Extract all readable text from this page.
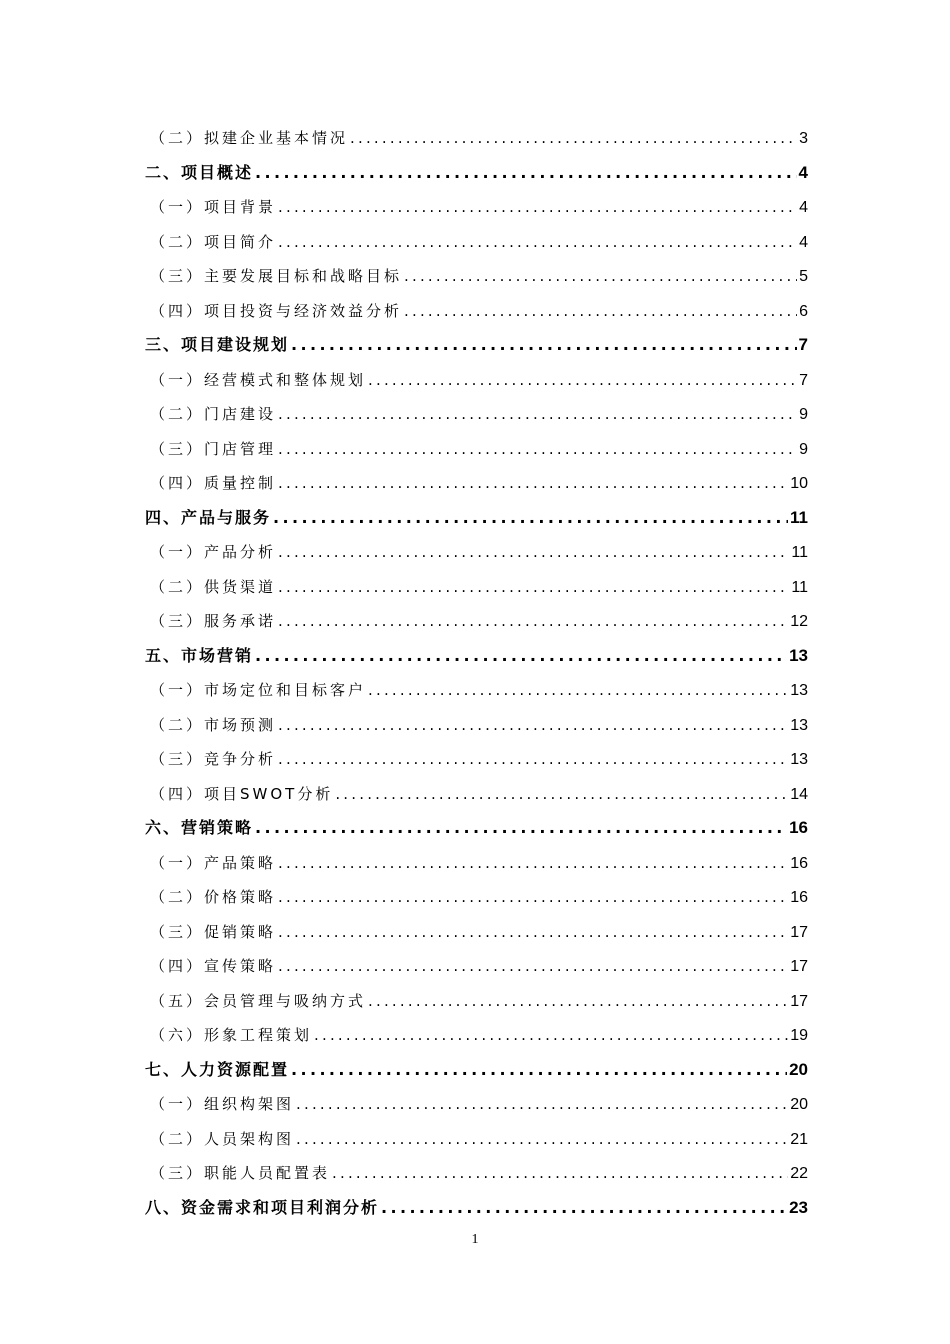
（二）拟建企业基本情况 .....	3
二、项目概述 .....	4
（一）项目背景 .....	4
（二）项目简介 .....	4
（三）主要发展目标和战略目标 .....	5
（四）项目投资与经济效益分析 .....	6
三、项目建设规划 .....	7
（一）经营模式和整体规划 .....	7
（二）门店建设 .....	9
（三）门店管理 .....	9
（四）质量控制 .....	10
四、产品与服务 .....	11
（一）产品分析 .....	11
（二）供货渠道 .....	11
（三）服务承诺 .....	12
五、市场营销 .....	13
（一）市场定位和目标客户 .....	13
（二）市场预测 .....	13
（三）竞争分析 .....	13
（四）项目SWOT分析 .....	14
六、营销策略 .....	16
（一）产品策略 .....	16
（二）价格策略 .....	16
（三）促销策略 .....	17
（四）宣传策略 .....	17
（五）会员管理与吸纳方式 .....	17
（六）形象工程策划 .....	19
七、人力资源配置 .....	20
（一）组织构架图 .....	20
（二）人员架构图 .....	21
（三）职能人员配置表 .....	22
八、资金需求和项目利润分析 .....	23
1
